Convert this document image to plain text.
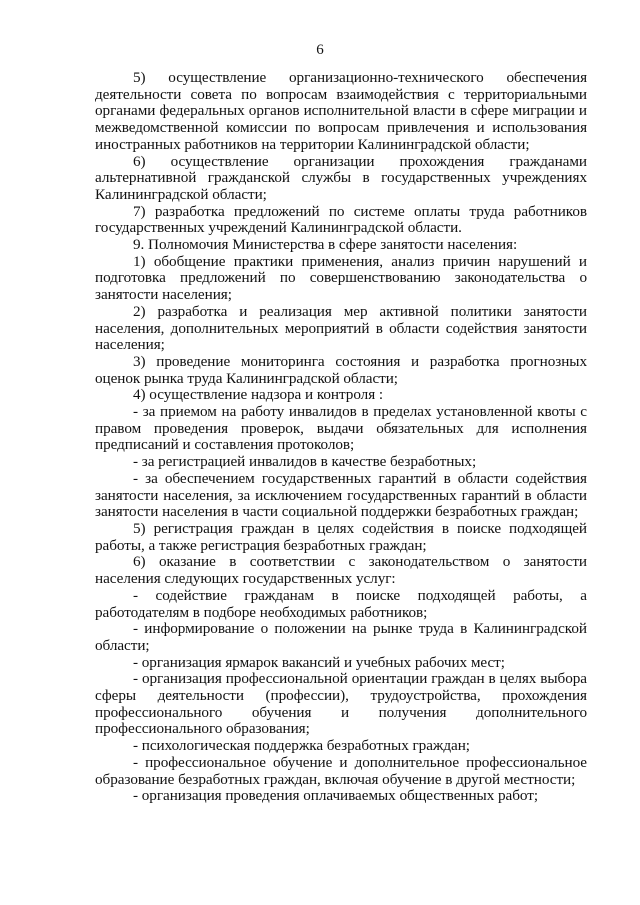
6

5) осуществление организационно-технического обеспечения деятельности совета по вопросам взаимодействия с территориальными органами федеральных органов исполнительной власти в сфере миграции и межведомственной комиссии по вопросам привлечения и использования иностранных работников на территории Калининградской области;

6) осуществление организации прохождения гражданами альтернативной гражданской службы в государственных учреждениях Калининградской области;

7) разработка предложений по системе оплаты труда работников государственных учреждений Калининградской области.

9. Полномочия Министерства в сфере занятости населения:

1) обобщение практики применения, анализ причин нарушений и подготовка предложений по совершенствованию законодательства о занятости населения;

2) разработка и реализация мер активной политики занятости населения, дополнительных мероприятий в области содействия занятости населения;

3) проведение мониторинга состояния и разработка прогнозных оценок рынка труда Калининградской области;

4) осуществление надзора и контроля :

- за приемом на работу инвалидов в пределах установленной квоты с правом проведения проверок, выдачи обязательных для исполнения предписаний и составления протоколов;

- за регистрацией инвалидов в качестве безработных;

- за обеспечением государственных гарантий в области содействия занятости населения, за исключением государственных гарантий в области занятости населения в части социальной поддержки безработных граждан;

5) регистрация граждан в целях содействия в поиске подходящей работы, а также регистрация безработных граждан;

6) оказание в соответствии с законодательством о занятости населения следующих государственных услуг:

- содействие гражданам в поиске подходящей работы, а работодателям в подборе необходимых работников;

- информирование о положении на рынке труда в Калининградской области;

- организация ярмарок вакансий и учебных рабочих мест;

- организация профессиональной ориентации граждан в целях выбора сферы деятельности (профессии), трудоустройства, прохождения профессионального обучения и получения дополнительного профессионального образования;

- психологическая поддержка безработных граждан;

- профессиональное обучение и дополнительное профессиональное образование безработных граждан, включая обучение в другой местности;

- организация проведения оплачиваемых общественных работ;
